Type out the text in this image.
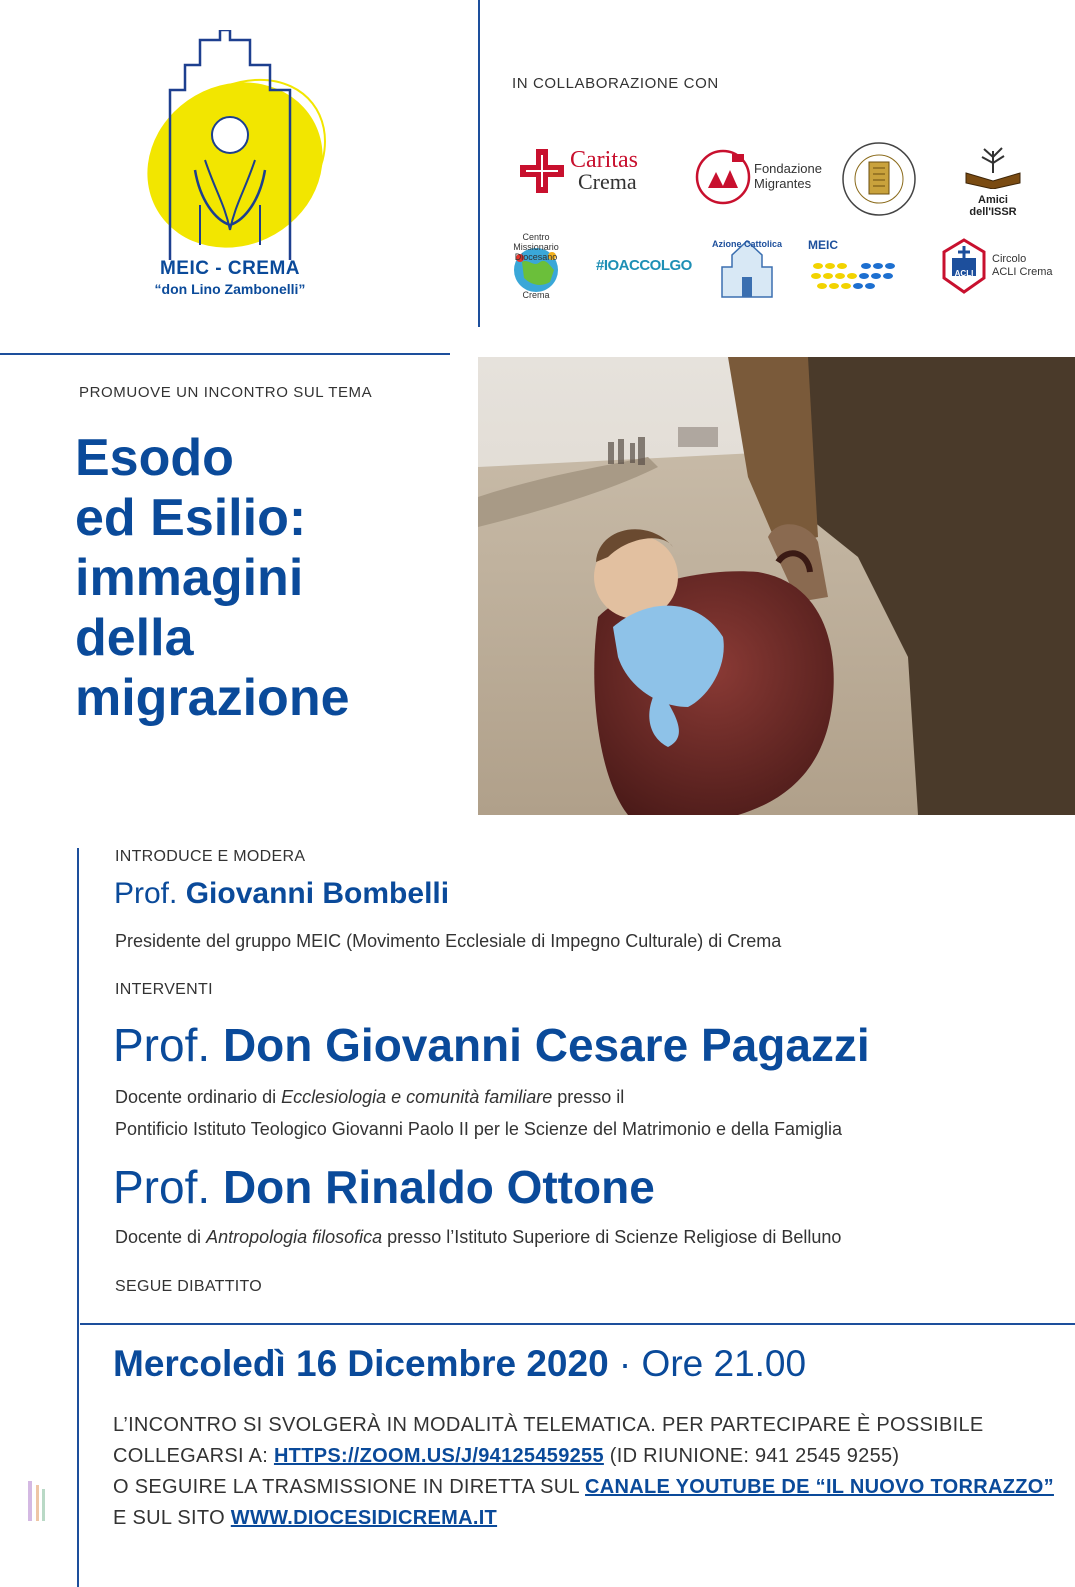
MEIC - CREMA
“don Lino Zambonelli”
IN COLLABORAZIONE CON
Caritas
Crema
Fondazione
Migrantes
Amici dell'ISSR
Centro Missionario Diocesano
Crema
#IOACCOLGO
Azione Cattolica MEIC
ACLI
Circolo
ACLI Crema
PROMUOVE UN INCONTRO SUL TEMA
Esodo
ed Esilio:
immagini
della
migrazione
INTRODUCE E MODERA
Prof. Giovanni Bombelli
Presidente del gruppo MEIC (Movimento Ecclesiale di Impegno Culturale) di Crema
INTERVENTI
Prof. Don Giovanni Cesare Pagazzi
Docente ordinario di Ecclesiologia e comunità familiare presso il
Pontificio Istituto Teologico Giovanni Paolo II per le Scienze del Matrimonio e della Famiglia
Prof. Don Rinaldo Ottone
Docente di Antropologia filosofica presso l’Istituto Superiore di Scienze Religiose di Belluno
SEGUE DIBATTITO
Mercoledì 16 Dicembre 2020 · Ore 21.00
L’INCONTRO SI SVOLGERÀ IN MODALITÀ TELEMATICA. PER PARTECIPARE È POSSIBILE
COLLEGARSI A: HTTPS://ZOOM.US/J/94125459255 (ID RIUNIONE: 941 2545 9255)
O SEGUIRE LA TRASMISSIONE IN DIRETTA SUL CANALE YOUTUBE DE “IL NUOVO TORRAZZO”
E SUL SITO WWW.DIOCESIDICREMA.IT
